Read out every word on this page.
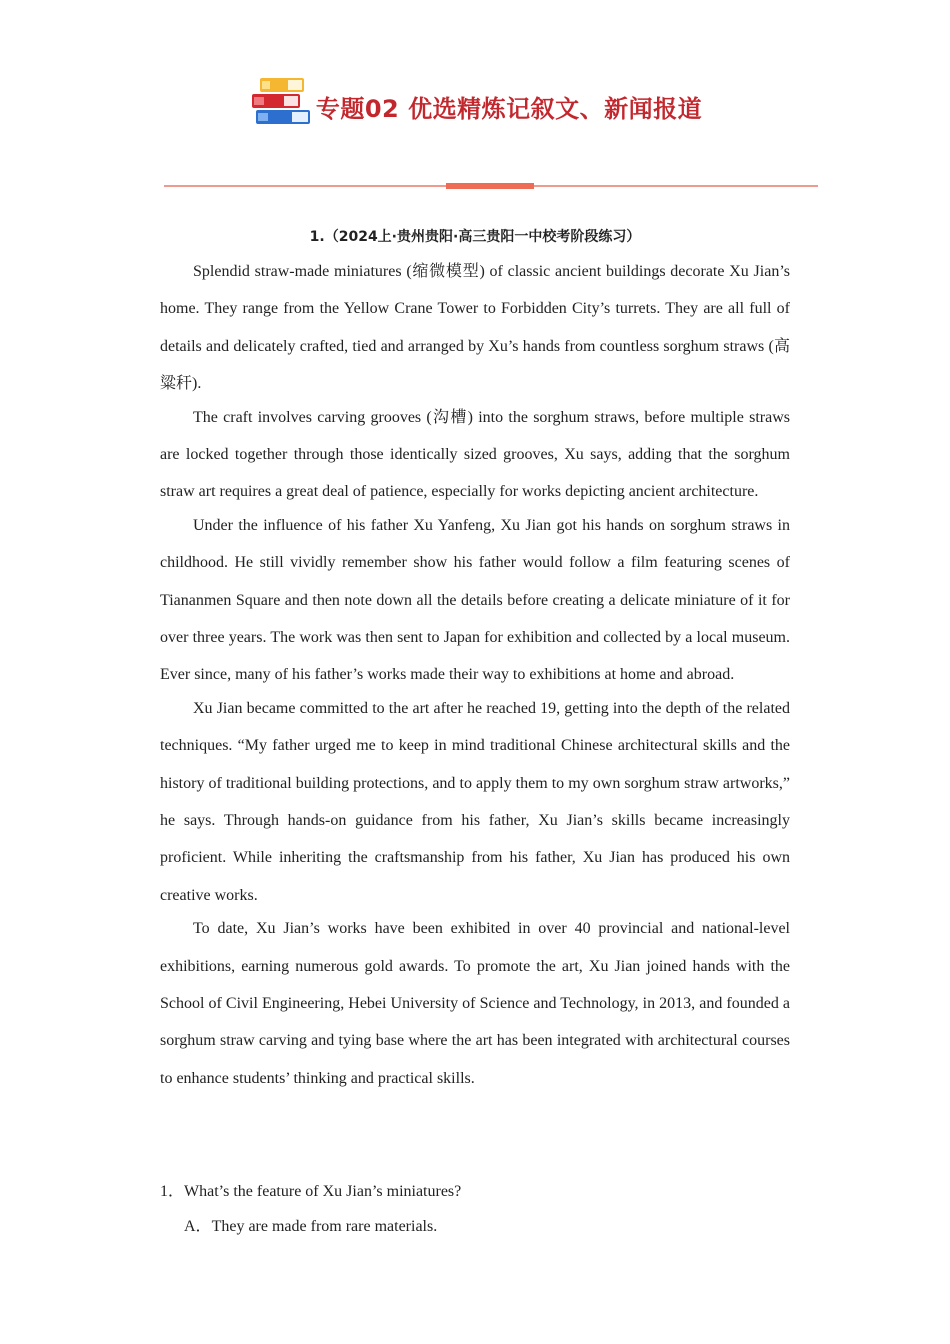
专题02 优选精炼记叙文、新闻报道
1.（2024上·贵州贵阳·高三贵阳一中校考阶段练习）

Splendid straw-made miniatures (缩微模型) of classic ancient buildings decorate Xu Jian’s home. They range from the Yellow Crane Tower to Forbidden City’s turrets. They are all full of details and delicately crafted, tied and arranged by Xu’s hands from countless sorghum straws (高粱秆).

The craft involves carving grooves (沟槽) into the sorghum straws, before multiple straws are locked together through those identically sized grooves, Xu says, adding that the sorghum straw art requires a great deal of patience, especially for works depicting ancient architecture.

Under the influence of his father Xu Yanfeng, Xu Jian got his hands on sorghum straws in childhood. He still vividly remember show his father would follow a film featuring scenes of Tiananmen Square and then note down all the details before creating a delicate miniature of it for over three years. The work was then sent to Japan for exhibition and collected by a local museum. Ever since, many of his father’s works made their way to exhibitions at home and abroad.

Xu Jian became committed to the art after he reached 19, getting into the depth of the related techniques. “My father urged me to keep in mind traditional Chinese architectural skills and the history of traditional building protections, and to apply them to my own sorghum straw artworks,” he says. Through hands-on guidance from his father, Xu Jian’s skills became increasingly proficient. While inheriting the craftsmanship from his father, Xu Jian has produced his own creative works.

To date, Xu Jian’s works have been exhibited in over 40 provincial and national-level exhibitions, earning numerous gold awards. To promote the art, Xu Jian joined hands with the School of Civil Engineering, Hebei University of Science and Technology, in 2013, and founded a sorghum straw carving and tying base where the art has been integrated with architectural courses to enhance students’ thinking and practical skills.

1．What’s the feature of Xu Jian’s miniatures?
A．They are made from rare materials.
